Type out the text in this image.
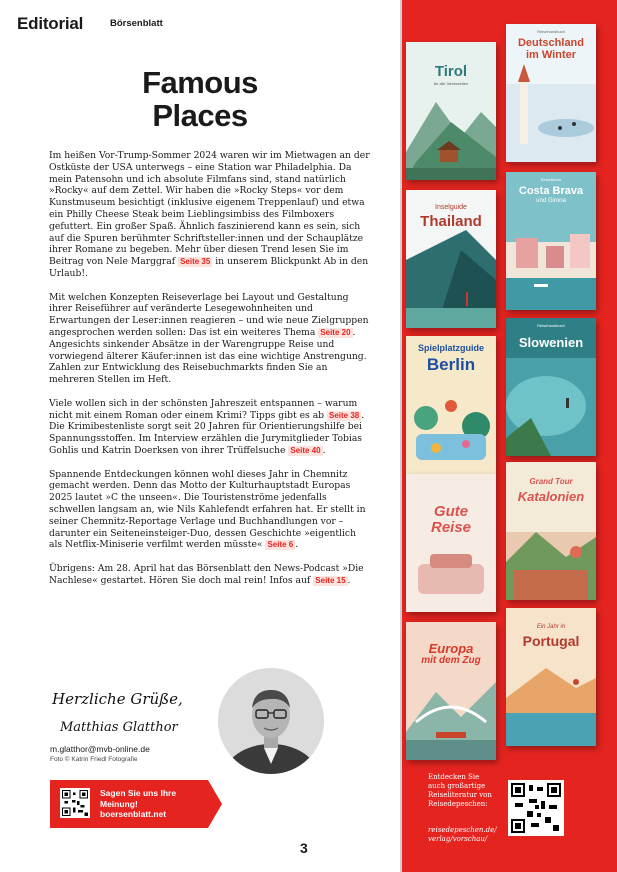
Editorial	Börsenblatt
Famous
Places

Im heißen Vor-Trump-Sommer 2024 waren wir im Mietwagen an der Ostküste der USA unterwegs – eine Station war Philadelphia. Da mein Patensohn und ich absolute Filmfans sind, stand natürlich »Rocky« auf dem Zettel. Wir haben die »Rocky Steps« vor dem Kunstmuseum besichtigt (inklusive eigenem Treppenlauf) und etwa ein Philly Cheese Steak beim Lieblingsimbiss des Filmboxers gefuttert. Ein großer Spaß. Ähnlich faszinierend kann es sein, sich auf die Spuren berühmter Schriftsteller:innen und der Schauplätze ihrer Romane zu begeben. Mehr über diesen Trend lesen Sie im Beitrag von Nele Marggraf Seite 35 in unserem Blickpunkt Ab in den Urlaub!.

Mit welchen Konzepten Reiseverlage bei Layout und Gestaltung ihrer Reiseführer auf veränderte Lesegewohnheiten und Erwartungen der Leser:innen reagieren – und wie neue Zielgruppen angesprochen werden sollen: Das ist ein weiteres Thema Seite 20 . Angesichts sinkender Absätze in der Warengruppe Reise und vorwiegend älterer Käufer:innen ist das eine wichtige Anstrengung. Zahlen zur Entwicklung des Reisebuchmarkts finden Sie an mehreren Stellen im Heft.

Viele wollen sich in der schönsten Jahreszeit entspannen – warum nicht mit einem Roman oder einem Krimi? Tipps gibt es ab Seite 38 . Die Krimibestenliste sorgt seit 20 Jahren für Orientierungshilfe bei Spannungsstoffen. Im Interview erzählen die Jurymitglieder Tobias Gohlis und Katrin Doerksen von ihrer Trüffelsuche Seite 40 .

Spannende Entdeckungen können wohl dieses Jahr in Chemnitz gemacht werden. Denn das Motto der Kulturhauptstadt Europas 2025 lautet »C the unseen«. Die Touristenströme jedenfalls schwellen langsam an, wie Nils Kahlefendt erfahren hat. Er stellt in seiner Chemnitz-Reportage Verlage und Buchhandlungen vor – darunter ein Seiteneinsteiger-Duo, dessen Geschichte »eigentlich als Netflix-Miniserie verfilmt werden müsste« Seite 6 .

Übrigens: Am 28. April hat das Börsenblatt den News-Podcast »Die Nachlese« gestartet. Hören Sie doch mal rein! Infos auf Seite 15 .

Herzliche Grüße,
Matthias Glatthor
m.glatthor@mvb-online.de
Foto © Katrin Friedl Fotografie
Sagen Sie uns Ihre
Meinung!
boersenblatt.net
3
Tirol
für alle Jahreszeiten
Reisehandbuch
Deutschland
im Winter
Inselguide
Thailand
Reiseführer
Costa Brava
und Girona
Spielplatzguide
Berlin
Reisehandbuch
Slowenien
Gute
Reise
Grand Tour
Katalonien
Europa
mit dem Zug
Ein Jahr in
Portugal
Entdecken Sie
auch großartige
Reiseliteratur von
Reisedepeschen:
reisedepeschen.de/
verlag/vorschau/
